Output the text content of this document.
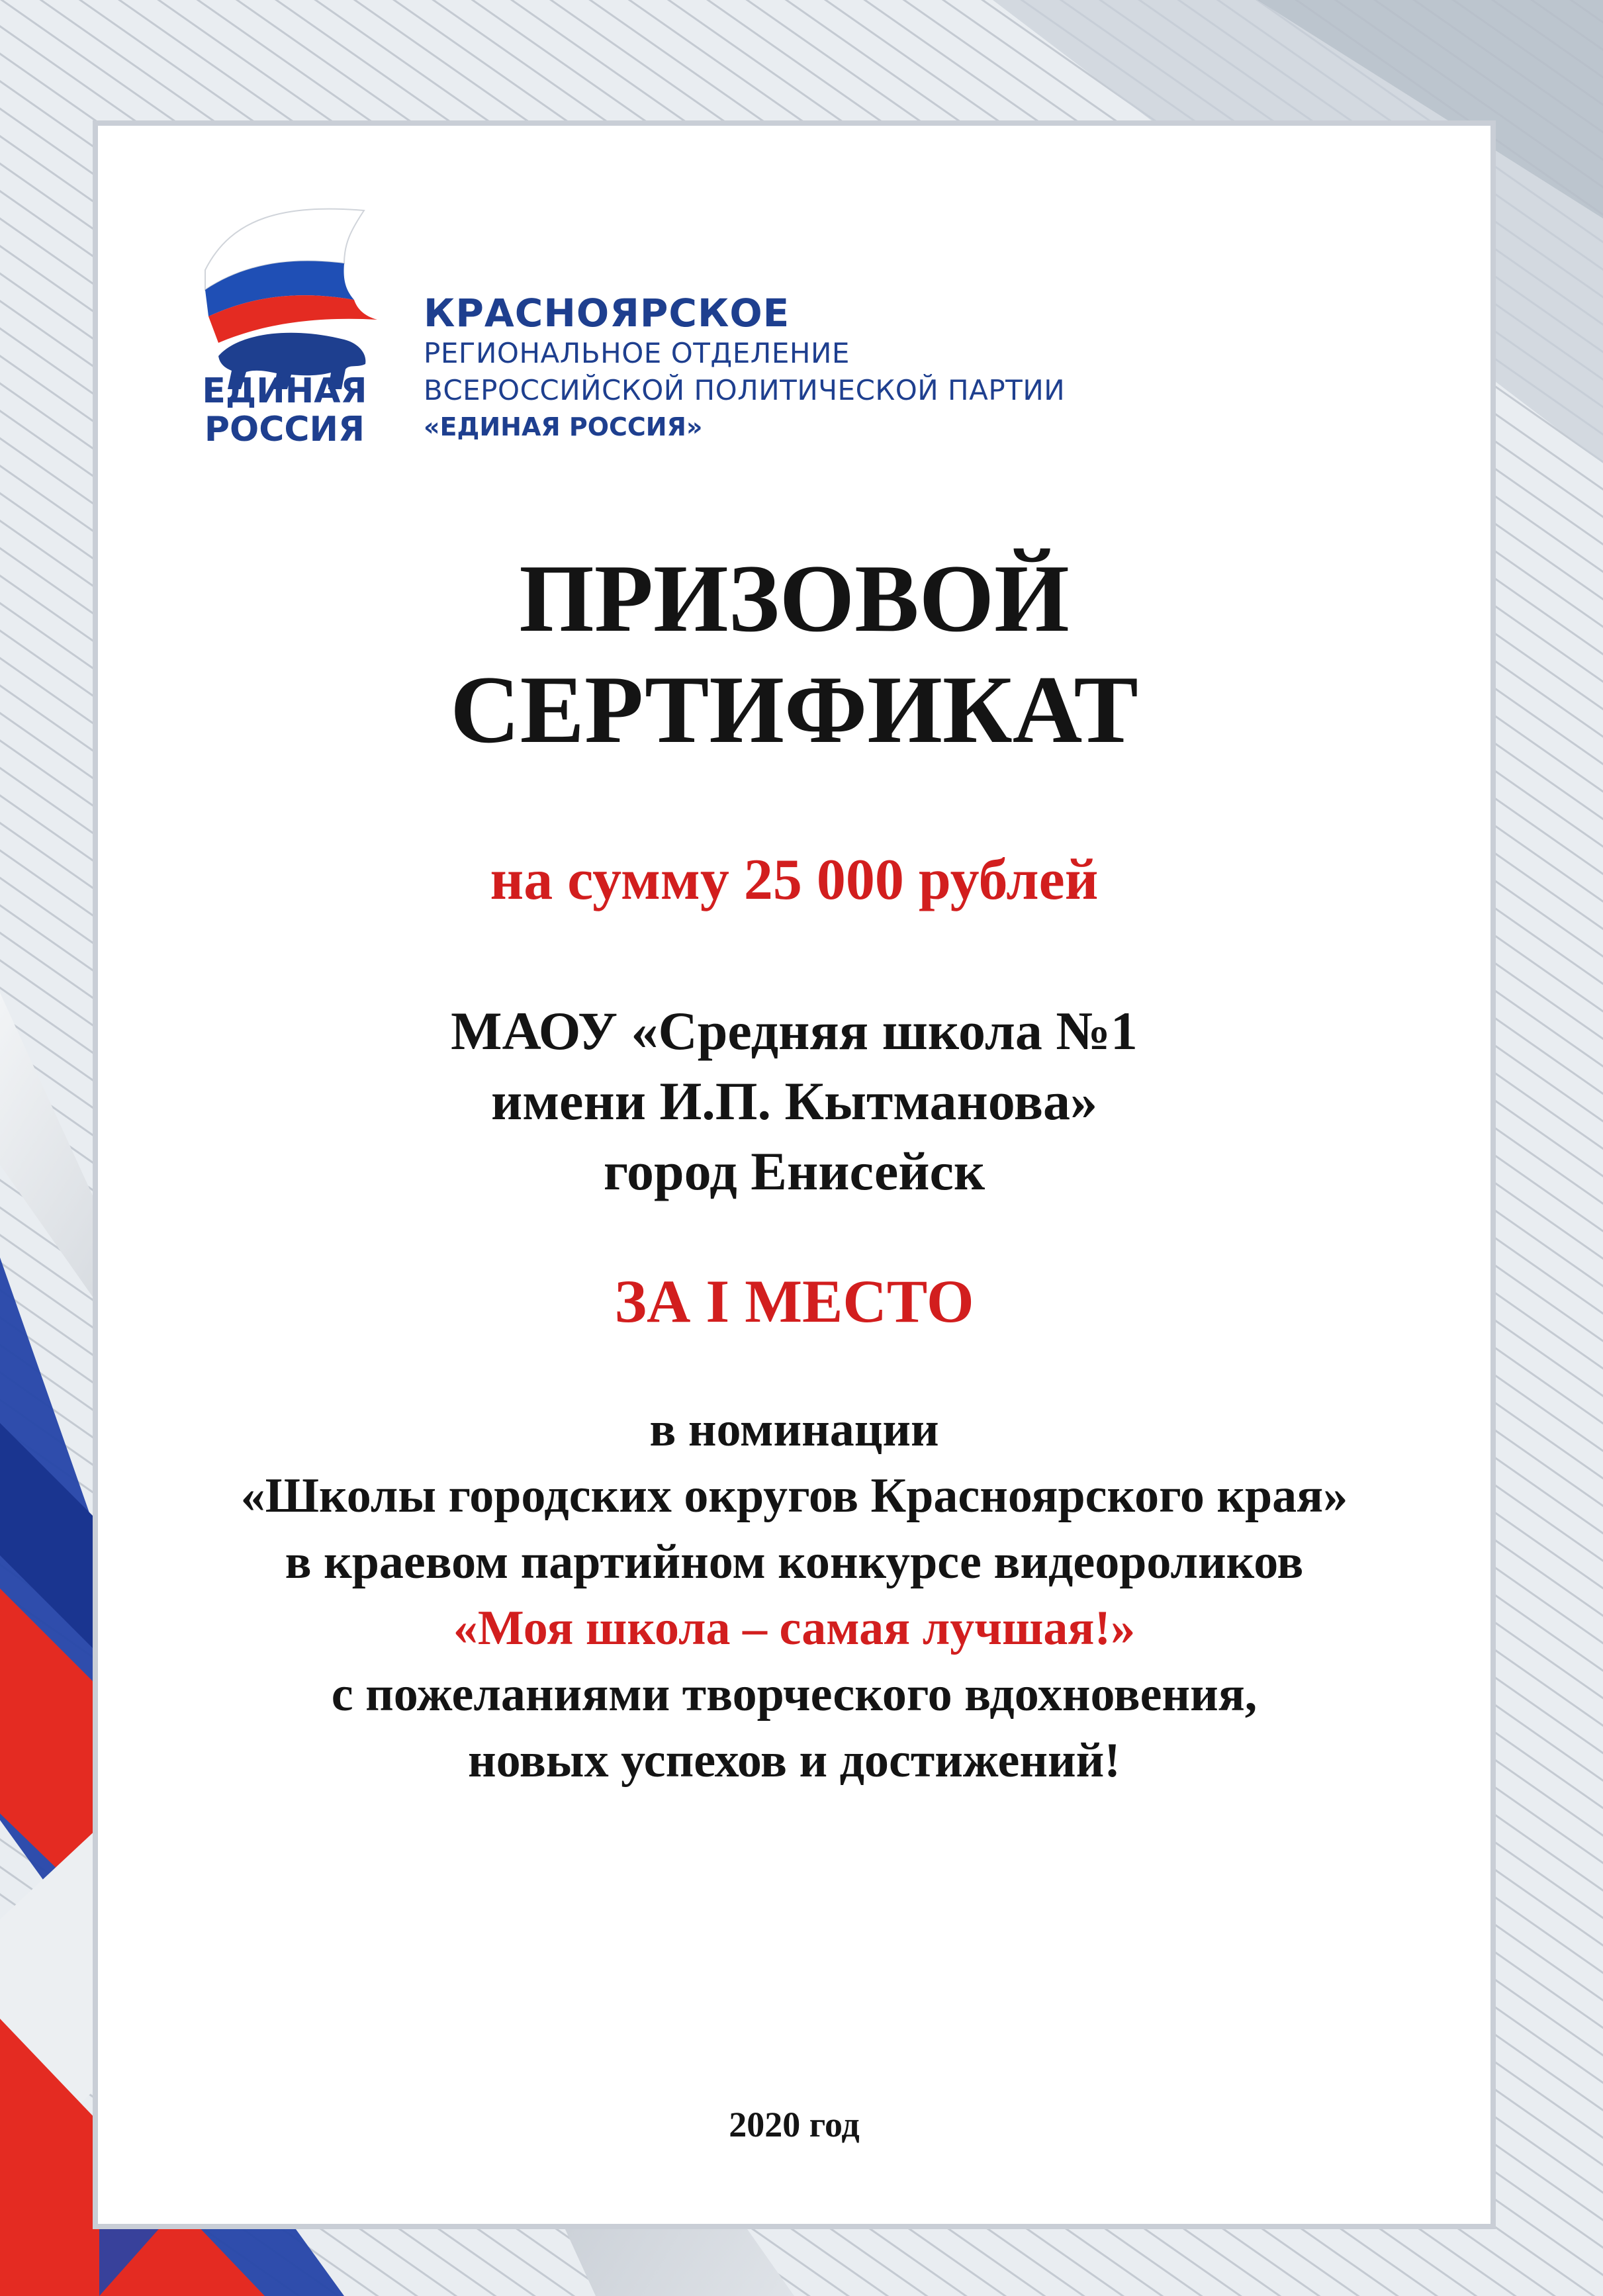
ЕДИНАЯ
РОССИЯ
КРАСНОЯРСКОЕ
РЕГИОНАЛЬНОЕ ОТДЕЛЕНИЕ
ВСЕРОССИЙСКОЙ ПОЛИТИЧЕСКОЙ ПАРТИИ
«ЕДИНАЯ РОССИЯ»
ПРИЗОВОЙ
СЕРТИФИКАТ
на сумму 25 000 рублей
МАОУ «Средняя школа №1
имени И.П. Кытманова»
город Енисейск
ЗА I МЕСТО
в номинации
«Школы городских округов Красноярского края»
в краевом партийном конкурсе видеороликов
«Моя школа – самая лучшая!»
с пожеланиями творческого вдохновения,
новых успехов и достижений!
2020 год
